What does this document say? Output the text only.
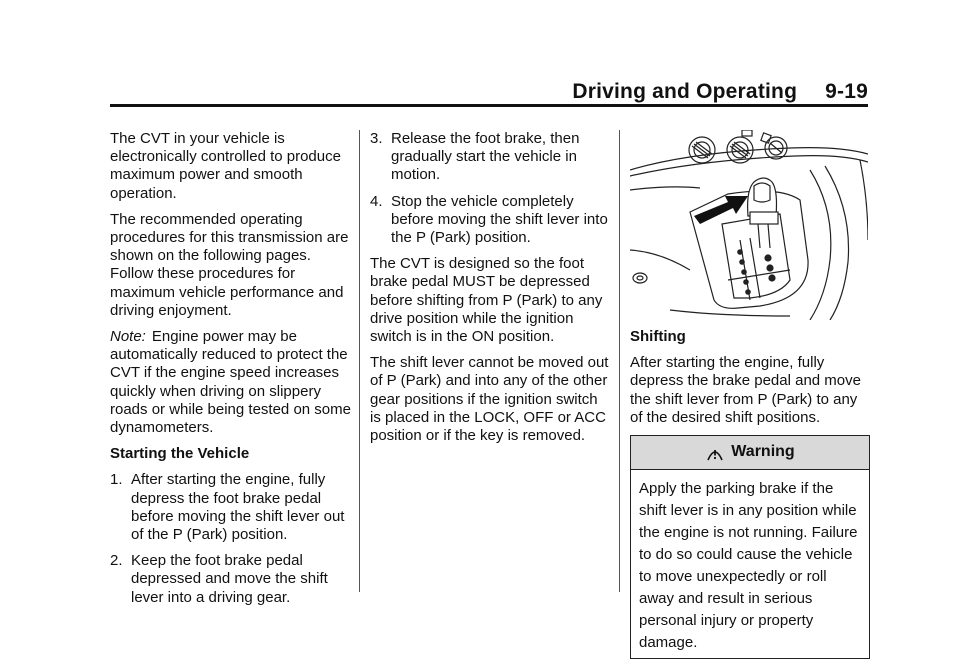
Driving and Operating 9-19

The CVT in your vehicle is electronically controlled to produce maximum power and smooth operation.

The recommended operating procedures for this transmission are shown on the following pages. Follow these procedures for maximum vehicle performance and driving enjoyment.

Note: Engine power may be automatically reduced to protect the CVT if the engine speed increases quickly when driving on slippery roads or while being tested on some dynamometers.

Starting the Vehicle

1. After starting the engine, fully depress the foot brake pedal before moving the shift lever out of the P (Park) position.
2. Keep the foot brake pedal depressed and move the shift lever into a driving gear.
3. Release the foot brake, then gradually start the vehicle in motion.
4. Stop the vehicle completely before moving the shift lever into the P (Park) position.

The CVT is designed so the foot brake pedal MUST be depressed before shifting from P (Park) to any drive position while the ignition switch is in the ON position.

The shift lever cannot be moved out of P (Park) and into any of the other gear positions if the ignition switch is placed in the LOCK, OFF or ACC position or if the key is removed.

Shifting

After starting the engine, fully depress the brake pedal and move the shift lever from P (Park) to any of the desired shift positions.

Warning
Apply the parking brake if the shift lever is in any position while the engine is not running. Failure to do so could cause the vehicle to move unexpectedly or roll away and result in serious personal injury or property damage.
